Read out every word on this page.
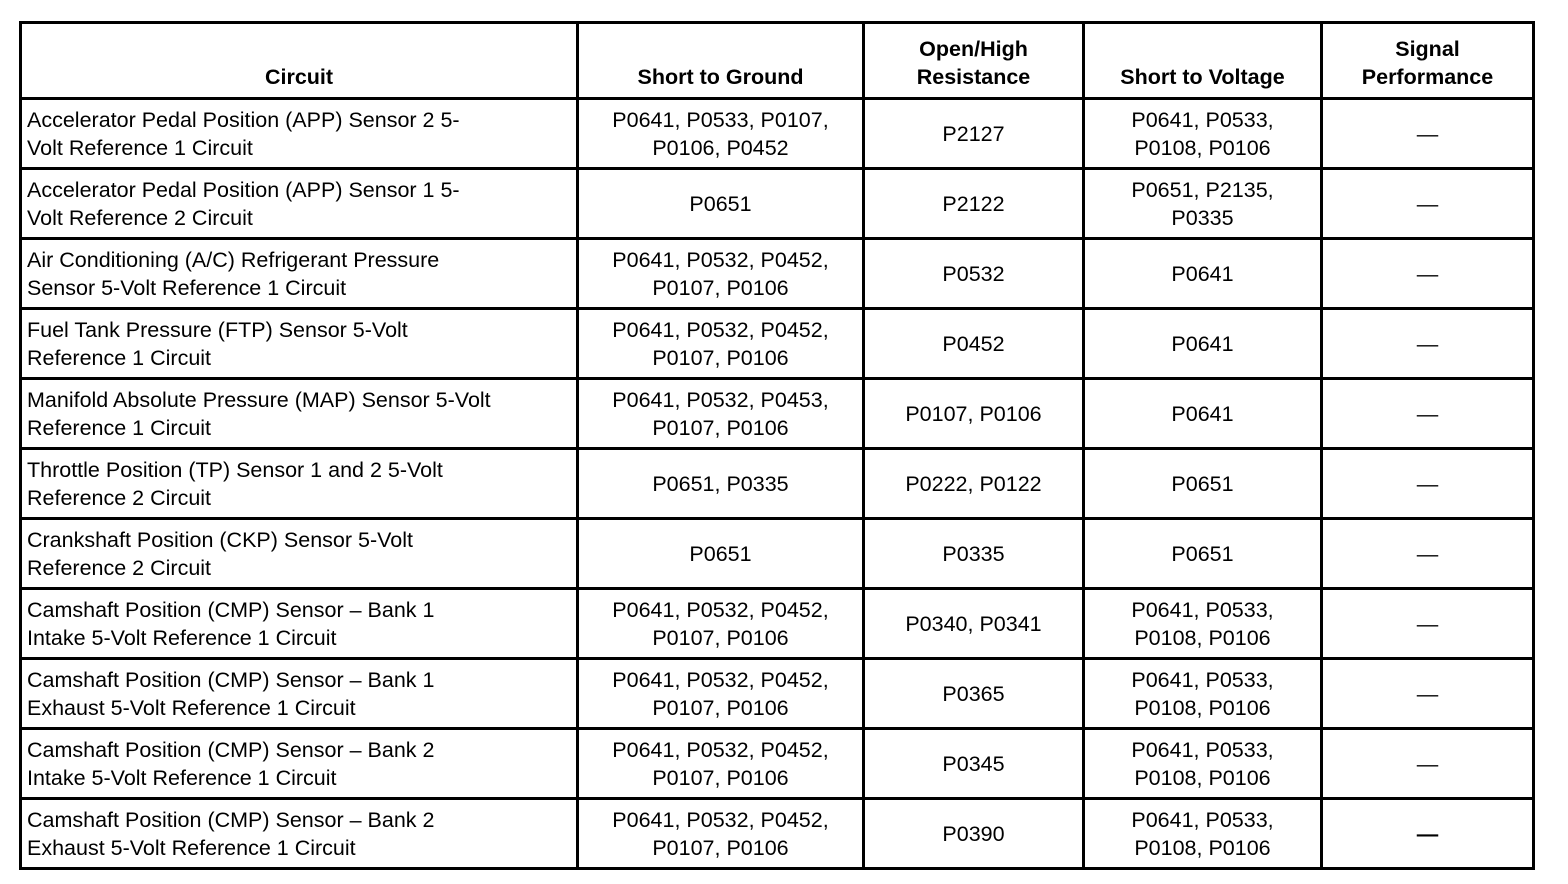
Circuit	Short to Ground	Open/High
Resistance	Short to Voltage	Signal
Performance
Accelerator Pedal Position (APP) Sensor 2 5-
Volt Reference 1 Circuit	P0641, P0533, P0107,
P0106, P0452	P2127	P0641, P0533,
P0108, P0106	—
Accelerator Pedal Position (APP) Sensor 1 5-
Volt Reference 2 Circuit	P0651	P2122	P0651, P2135,
P0335	—
Air Conditioning (A/C) Refrigerant Pressure
Sensor 5-Volt Reference 1 Circuit	P0641, P0532, P0452,
P0107, P0106	P0532	P0641	—
Fuel Tank Pressure (FTP) Sensor 5-Volt
Reference 1 Circuit	P0641, P0532, P0452,
P0107, P0106	P0452	P0641	—
Manifold Absolute Pressure (MAP) Sensor 5-Volt
Reference 1 Circuit	P0641, P0532, P0453,
P0107, P0106	P0107, P0106	P0641	—
Throttle Position (TP) Sensor 1 and 2 5-Volt
Reference 2 Circuit	P0651, P0335	P0222, P0122	P0651	—
Crankshaft Position (CKP) Sensor 5-Volt
Reference 2 Circuit	P0651	P0335	P0651	—
Camshaft Position (CMP) Sensor – Bank 1
Intake 5-Volt Reference 1 Circuit	P0641, P0532, P0452,
P0107, P0106	P0340, P0341	P0641, P0533,
P0108, P0106	—
Camshaft Position (CMP) Sensor – Bank 1
Exhaust 5-Volt Reference 1 Circuit	P0641, P0532, P0452,
P0107, P0106	P0365	P0641, P0533,
P0108, P0106	—
Camshaft Position (CMP) Sensor – Bank 2
Intake 5-Volt Reference 1 Circuit	P0641, P0532, P0452,
P0107, P0106	P0345	P0641, P0533,
P0108, P0106	—
Camshaft Position (CMP) Sensor – Bank 2
Exhaust 5-Volt Reference 1 Circuit	P0641, P0532, P0452,
P0107, P0106	P0390	P0641, P0533,
P0108, P0106	—
